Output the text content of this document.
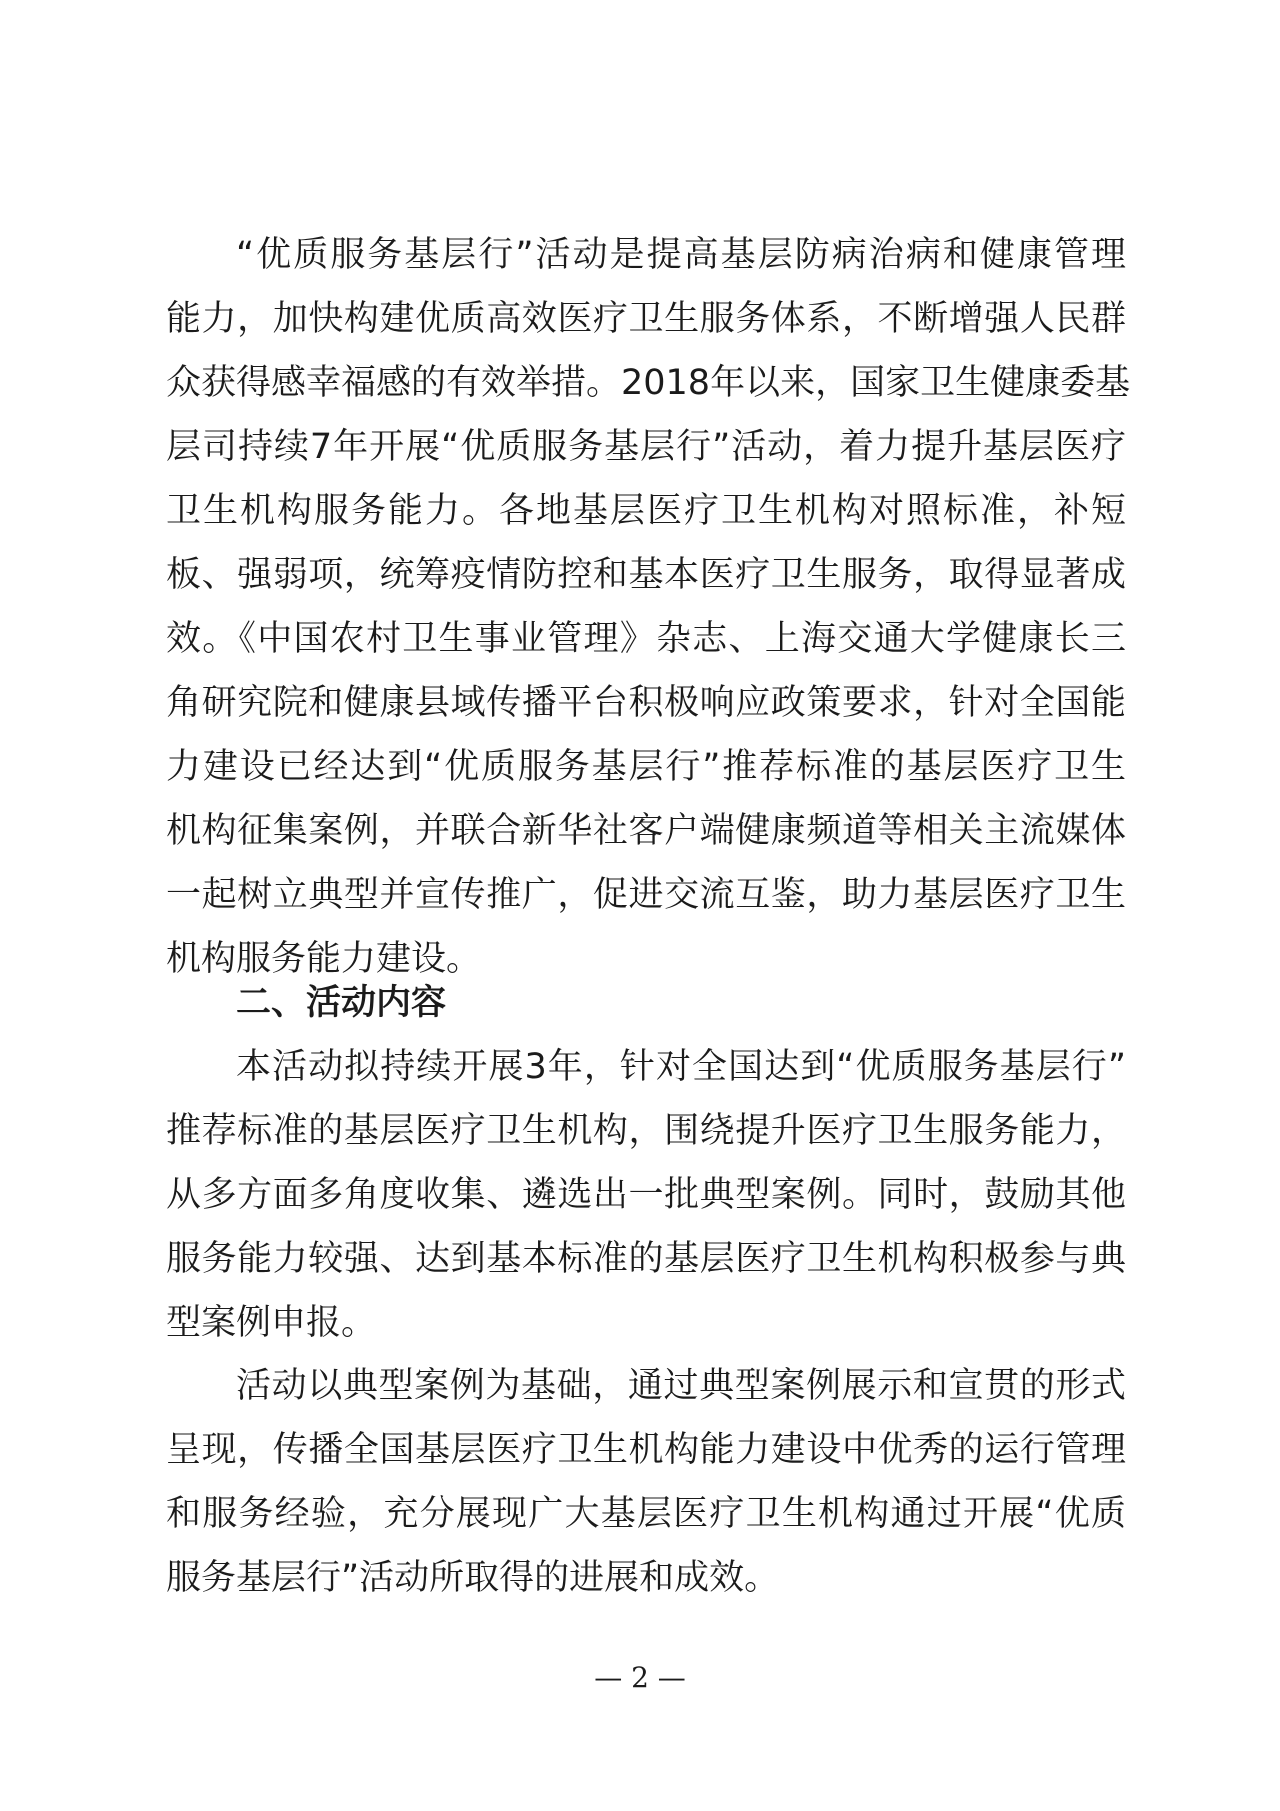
“优质服务基层行”活动是提高基层防病治病和健康管理
能力，加快构建优质高效医疗卫生服务体系，不断增强人民群
众获得感幸福感的有效举措。2018年以来，国家卫生健康委基
层司持续7年开展“优质服务基层行”活动，着力提升基层医疗
卫生机构服务能力。各地基层医疗卫生机构对照标准，补短
板、强弱项，统筹疫情防控和基本医疗卫生服务，取得显著成
效。《中国农村卫生事业管理》杂志、上海交通大学健康长三
角研究院和健康县域传播平台积极响应政策要求，针对全国能
力建设已经达到“优质服务基层行”推荐标准的基层医疗卫生
机构征集案例，并联合新华社客户端健康频道等相关主流媒体
一起树立典型并宣传推广，促进交流互鉴，助力基层医疗卫生
机构服务能力建设。
二、活动内容
本活动拟持续开展3年，针对全国达到“优质服务基层行”
推荐标准的基层医疗卫生机构，围绕提升医疗卫生服务能力，
从多方面多角度收集、遴选出一批典型案例。同时，鼓励其他
服务能力较强、达到基本标准的基层医疗卫生机构积极参与典
型案例申报。
活动以典型案例为基础，通过典型案例展示和宣贯的形式
呈现，传播全国基层医疗卫生机构能力建设中优秀的运行管理
和服务经验，充分展现广大基层医疗卫生机构通过开展“优质
服务基层行”活动所取得的进展和成效。
— 2 —
